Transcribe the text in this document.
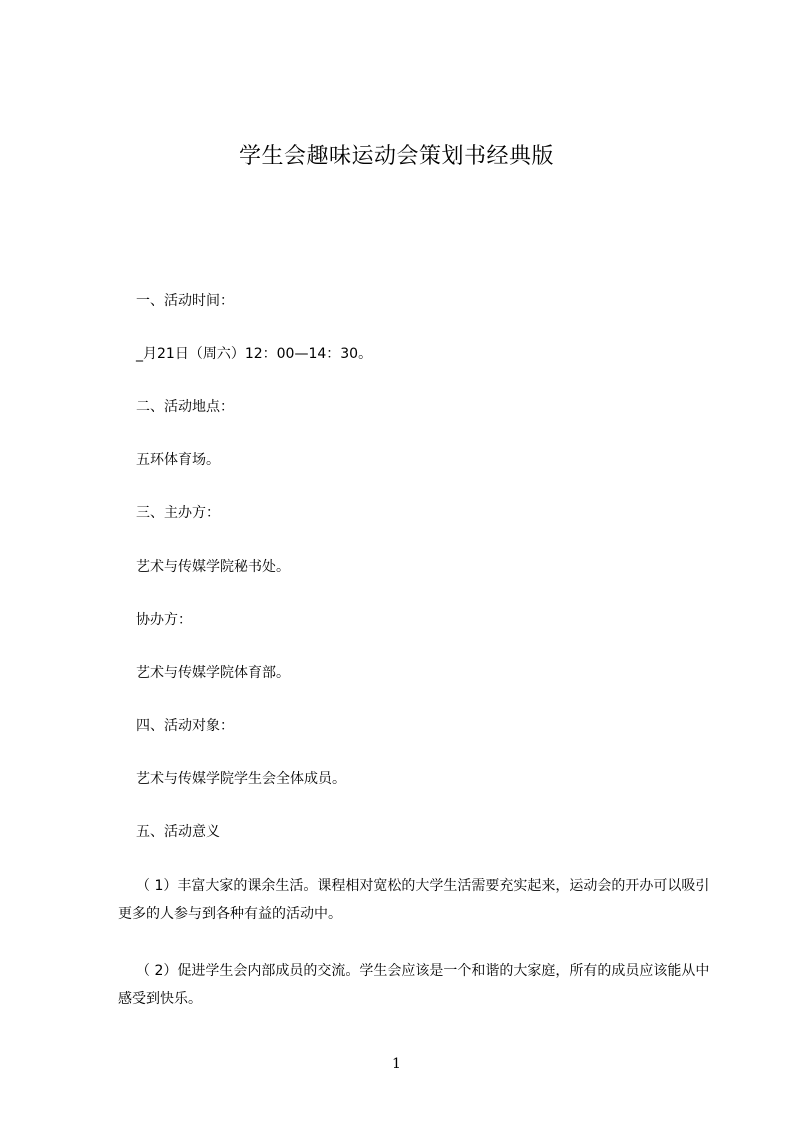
学生会趣味运动会策划书经典版
一、活动时间：
_月21日（周六）12：00—14：30。
二、活动地点：
五环体育场。
三、主办方：
艺术与传媒学院秘书处。
协办方：
艺术与传媒学院体育部。
四、活动对象：
艺术与传媒学院学生会全体成员。
五、活动意义
（ 1）丰富大家的课余生活。课程相对宽松的大学生活需要充实起来，运动会的开办可以吸引更多的人参与到各种有益的活动中。
（ 2）促进学生会内部成员的交流。学生会应该是一个和谐的大家庭，所有的成员应该能从中感受到快乐。
1
